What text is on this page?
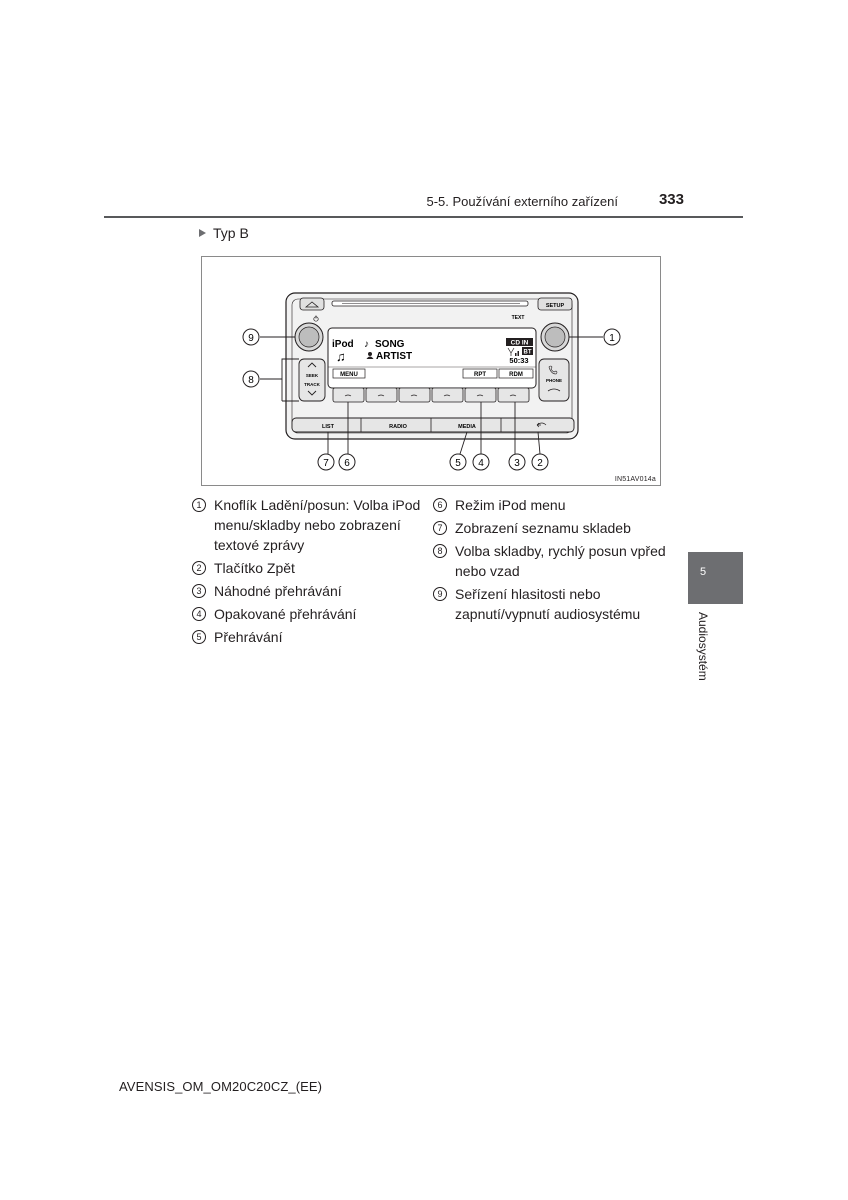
5-5. Používání externího zařízení	333
Typ B
SETUP
TEXT
SEEK
TRACK
PHONE
iPod ♪ SONG
♫	ARTIST
CD IN
BT
50:33
MENU	RPT	RDM
LIST	RADIO	MEDIA
9	1
8
7 6	5 4	3 2
IN51AV014a
1 Knoflík Ladění/posun: Volba iPod menu/skladby nebo zobrazení textové zprávy
2 Tlačítko Zpět
3 Náhodné přehrávání
4 Opakované přehrávání
5 Přehrávání
6 Režim iPod menu
7 Zobrazení seznamu skladeb
8 Volba skladby, rychlý posun vpřed nebo vzad
9 Seřízení hlasitosti nebo zapnutí/vypnutí audiosystému
5
Audiosystém
AVENSIS_OM_OM20C20CZ_(EE)
